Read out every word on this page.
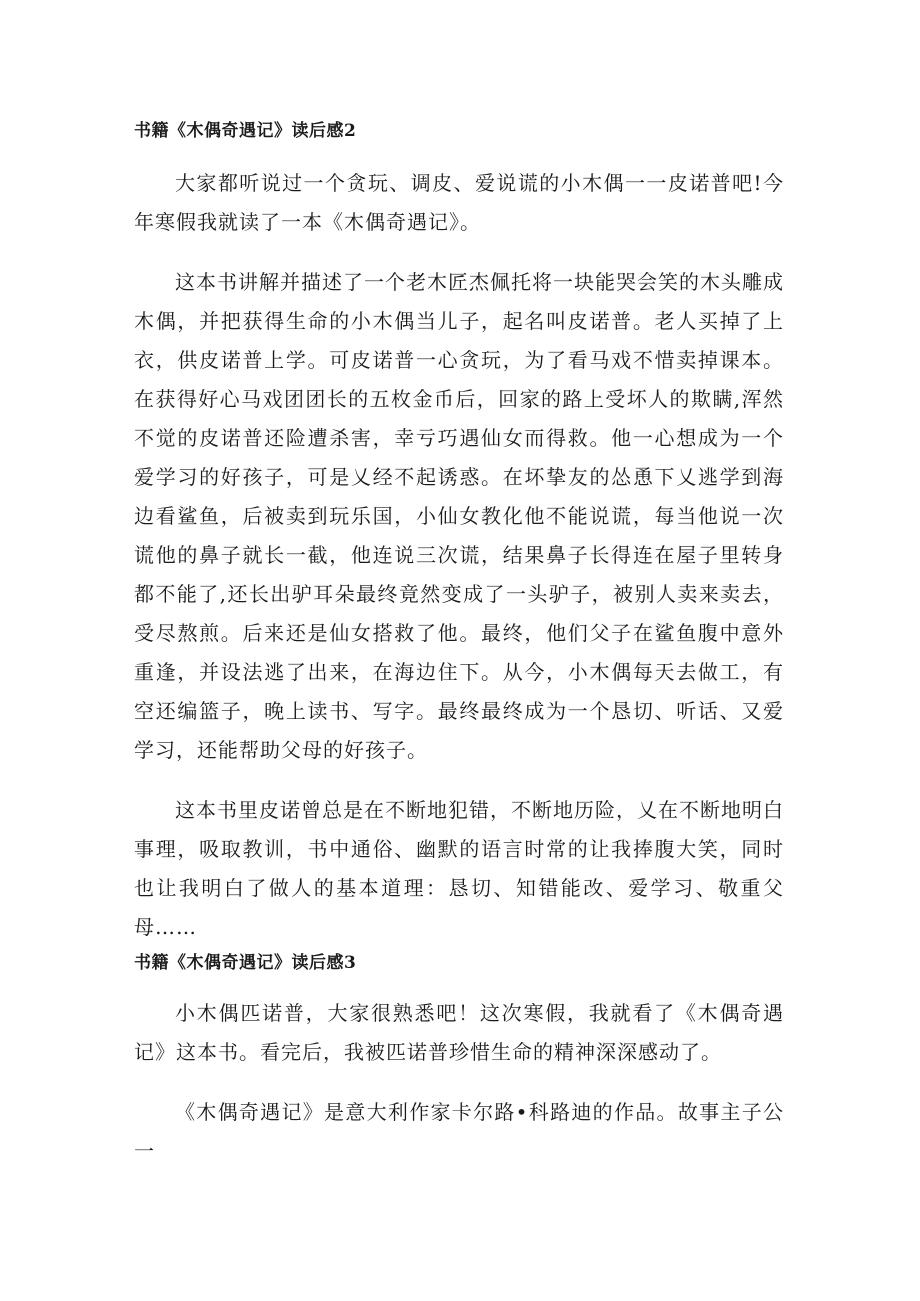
书籍《木偶奇遇记》读后感2

大家都听说过一个贪玩、调皮、爱说谎的小木偶一一皮诺普吧!今年寒假我就读了一本《木偶奇遇记》。

这本书讲解并描述了一个老木匠杰佩托将一块能哭会笑的木头雕成木偶，并把获得生命的小木偶当儿子，起名叫皮诺普。老人买掉了上衣，供皮诺普上学。可皮诺普一心贪玩，为了看马戏不惜卖掉课本。在获得好心马戏团团长的五枚金币后，回家的路上受坏人的欺瞒,浑然不觉的皮诺普还险遭杀害，幸亏巧遇仙女而得救。他一心想成为一个爱学习的好孩子，可是乂经不起诱惑。在坏挚友的怂恿下乂逃学到海边看鲨鱼，后被卖到玩乐国，小仙女教化他不能说谎，每当他说一次谎他的鼻子就长一截，他连说三次谎，结果鼻子长得连在屋子里转身都不能了,还长出驴耳朵最终竟然变成了一头驴子，被别人卖来卖去，受尽熬煎。后来还是仙女搭救了他。最终，他们父子在鲨鱼腹中意外重逢，并设法逃了出来，在海边住下。从今，小木偶每天去做工，有空还编篮子，晚上读书、写字。最终最终成为一个恳切、听话、又爱学习，还能帮助父母的好孩子。

这本书里皮诺曾总是在不断地犯错，不断地历险，乂在不断地明白事理，吸取教训，书中通俗、幽默的语言时常的让我捧腹大笑，同时也让我明白了做人的基本道理：恳切、知错能改、爱学习、敬重父母……

书籍《木偶奇遇记》读后感3

小木偶匹诺普，大家很熟悉吧！这次寒假，我就看了《木偶奇遇记》这本书。看完后，我被匹诺普珍惜生命的精神深深感动了。

《木偶奇遇记》是意大利作家卡尔路•科路迪的作品。故事主子公一
